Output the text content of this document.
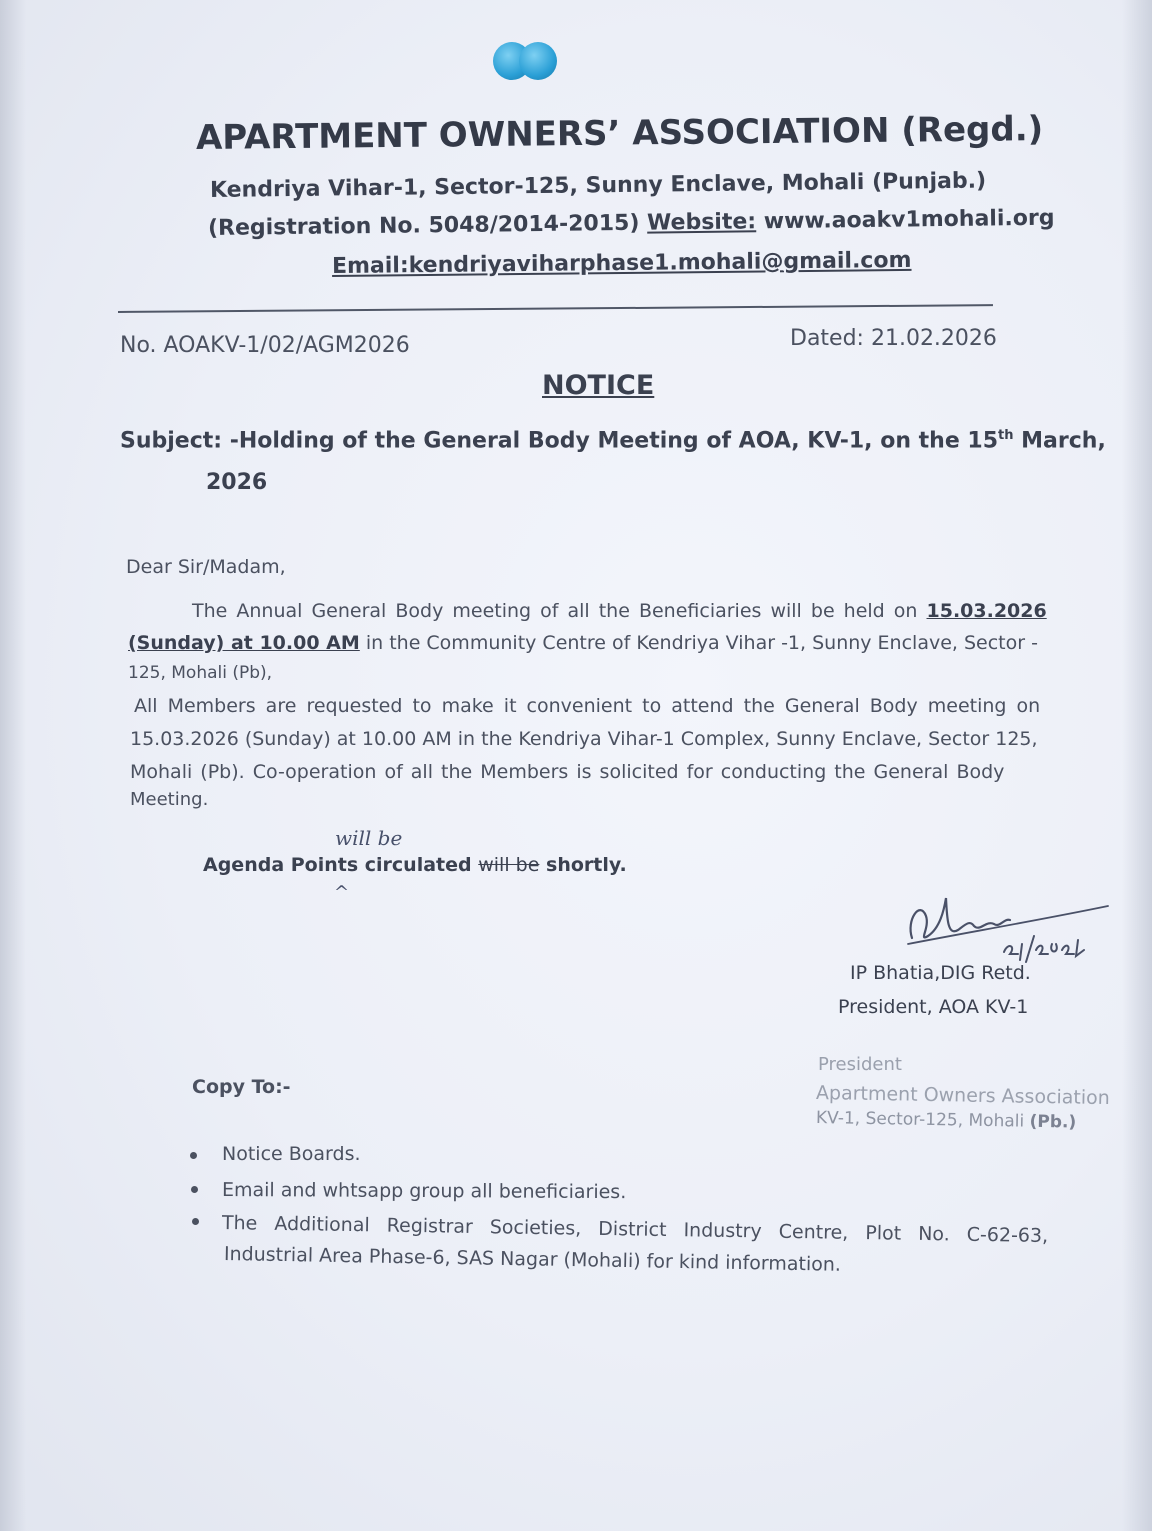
APARTMENT OWNERS’ ASSOCIATION (Regd.)
Kendriya Vihar-1, Sector-125, Sunny Enclave, Mohali (Punjab.)
(Registration No. 5048/2014-2015) Website: www.aoakv1mohali.org
Email:kendriyaviharphase1.mohali@gmail.com
No. AOAKV-1/02/AGM2026	Dated: 21.02.2026
NOTICE
Subject: -Holding of the General Body Meeting of AOA, KV-1, on the 15th March,
2026
Dear Sir/Madam,
The Annual General Body meeting of all the Beneficiaries will be held on 15.03.2026
(Sunday) at 10.00 AM in the Community Centre of Kendriya Vihar -1, Sunny Enclave, Sector -
125, Mohali (Pb),
All Members are requested to make it convenient to attend the General Body meeting on
15.03.2026 (Sunday) at 10.00 AM in the Kendriya Vihar-1 Complex, Sunny Enclave, Sector 125,
Mohali (Pb). Co-operation of all the Members is solicited for conducting the General Body
Meeting.
will be
Agenda Points circulated will be shortly.
^
IP Bhatia,DIG Retd.
President, AOA KV-1
President
Apartment Owners Association
KV-1, Sector-125, Mohali (Pb.)
Copy To:-
Notice Boards.
Email and whtsapp group all beneficiaries.
The Additional Registrar Societies, District Industry Centre, Plot No. C-62-63,
Industrial Area Phase-6, SAS Nagar (Mohali) for kind information.
